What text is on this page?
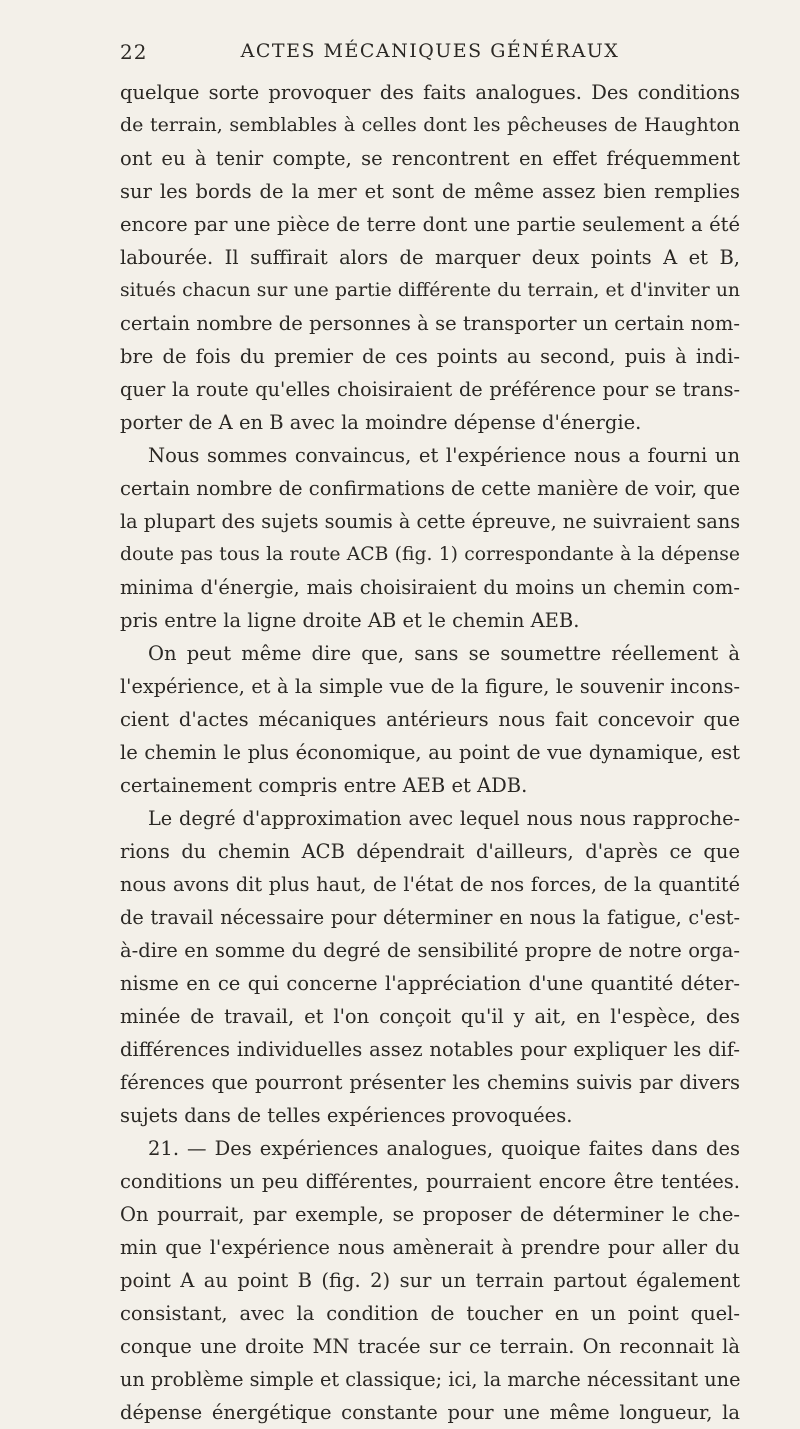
22	ACTES MÉCANIQUES GÉNÉRAUX
quelque sorte provoquer des faits analogues. Des conditions
de terrain, semblables à celles dont les pêcheuses de Haughton
ont eu à tenir compte, se rencontrent en effet fréquemment
sur les bords de la mer et sont de même assez bien remplies
encore par une pièce de terre dont une partie seulement a été
labourée. Il suffirait alors de marquer deux points A et B,
situés chacun sur une partie différente du terrain, et d'inviter un
certain nombre de personnes à se transporter un certain nom-
bre de fois du premier de ces points au second, puis à indi-
quer la route qu'elles choisiraient de préférence pour se trans-
porter de A en B avec la moindre dépense d'énergie.
Nous sommes convaincus, et l'expérience nous a fourni un
certain nombre de confirmations de cette manière de voir, que
la plupart des sujets soumis à cette épreuve, ne suivraient sans
doute pas tous la route ACB (fig. 1) correspondante à la dépense
minima d'énergie, mais choisiraient du moins un chemin com-
pris entre la ligne droite AB et le chemin AEB.
On peut même dire que, sans se soumettre réellement à
l'expérience, et à la simple vue de la figure, le souvenir incons-
cient d'actes mécaniques antérieurs nous fait concevoir que
le chemin le plus économique, au point de vue dynamique, est
certainement compris entre AEB et ADB.
Le degré d'approximation avec lequel nous nous rapproche-
rions du chemin ACB dépendrait d'ailleurs, d'après ce que
nous avons dit plus haut, de l'état de nos forces, de la quantité
de travail nécessaire pour déterminer en nous la fatigue, c'est-
à-dire en somme du degré de sensibilité propre de notre orga-
nisme en ce qui concerne l'appréciation d'une quantité déter-
minée de travail, et l'on conçoit qu'il y ait, en l'espèce, des
différences individuelles assez notables pour expliquer les dif-
férences que pourront présenter les chemins suivis par divers
sujets dans de telles expériences provoquées.
21. — Des expériences analogues, quoique faites dans des
conditions un peu différentes, pourraient encore être tentées.
On pourrait, par exemple, se proposer de déterminer le che-
min que l'expérience nous amènerait à prendre pour aller du
point A au point B (fig. 2) sur un terrain partout également
consistant, avec la condition de toucher en un point quel-
conque une droite MN tracée sur ce terrain. On reconnait là
un problème simple et classique; ici, la marche nécessitant une
dépense énergétique constante pour une même longueur, la
